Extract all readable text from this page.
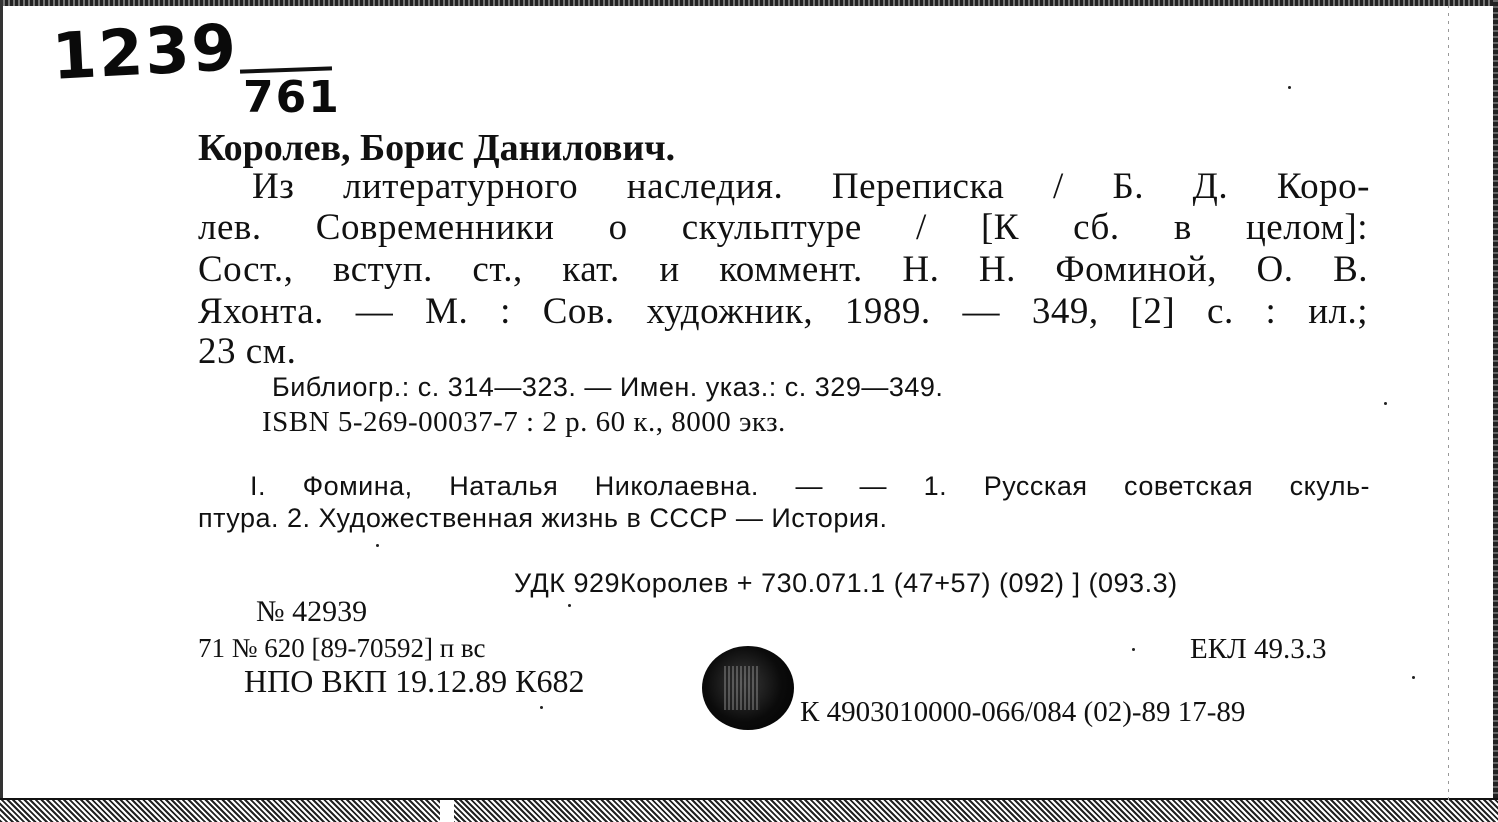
1239
761
Королев, Борис Данилович.
Из литературного наследия. Переписка / Б. Д. Коро-
лев. Современники о скульптуре / [К сб. в целом]:
Сост., вступ. ст., кат. и коммент. Н. Н. Фоминой, О. В.
Яхонта. — М. : Сов. художник, 1989. — 349, [2] с. : ил.;
23 см.
Библиогр.: с. 314—323. — Имен. указ.: с. 329—349.
ISBN 5-269-00037-7 : 2 р. 60 к., 8000 экз.
I. Фомина, Наталья Николаевна. — — 1. Русская советская скуль-
птура. 2. Художественная жизнь в СССР — История.
УДК 929Королев + 730.071.1 (47+57) (092) ] (093.3)
№ 42939
71 № 620 [89-70592] п вс	ЕКЛ 49.3.3
НПО ВКП 19.12.89 К682
К 4903010000-066/084 (02)-89 17-89
